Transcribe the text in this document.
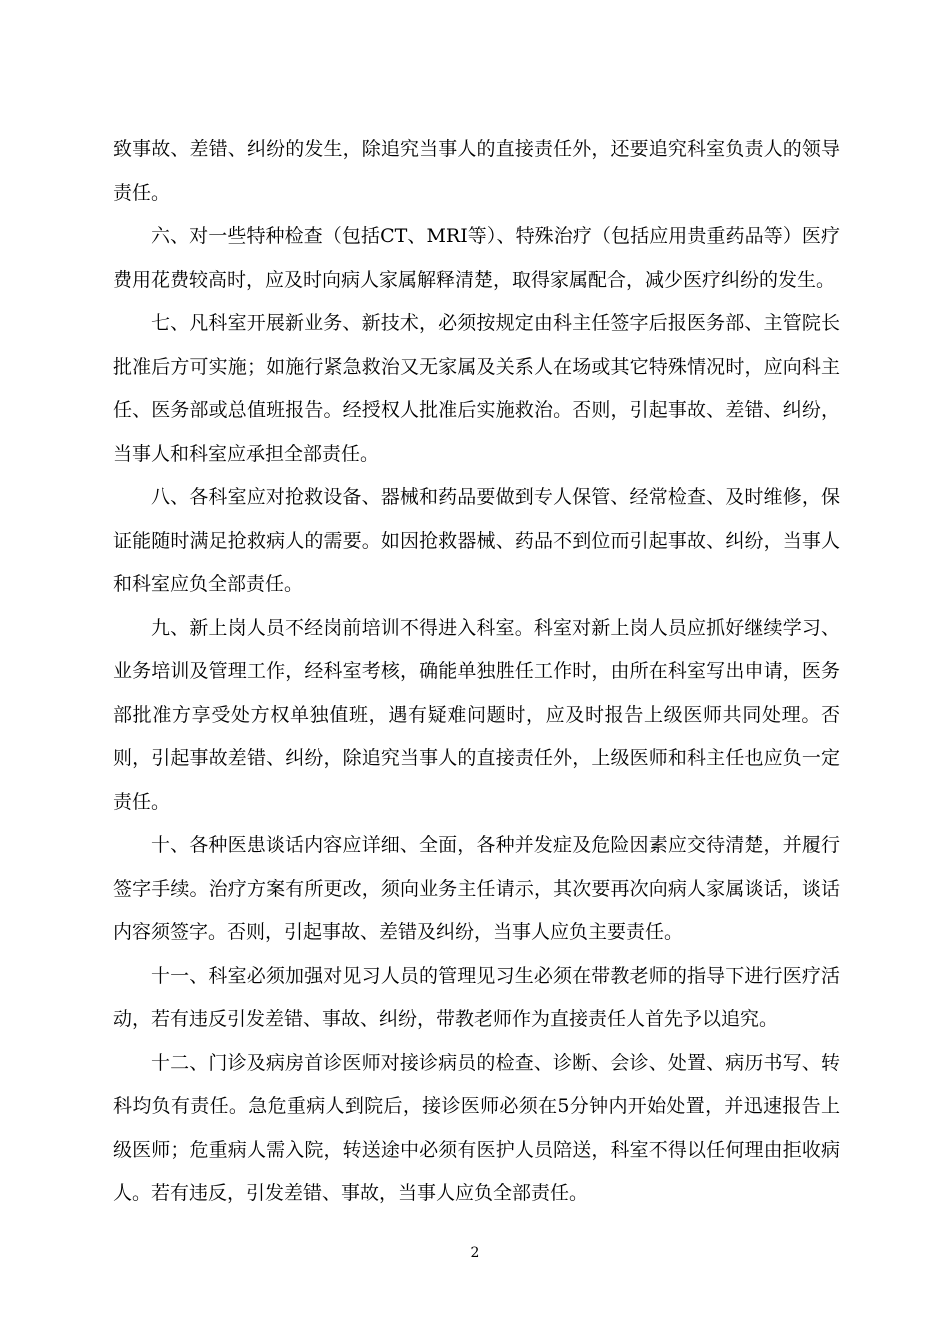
致事故、差错、纠纷的发生，除追究当事人的直接责任外，还要追究科室负责人的领导责任。

六、对一些特种检查（包括CT、MRI等）、特殊治疗（包括应用贵重药品等）医疗费用花费较高时，应及时向病人家属解释清楚，取得家属配合，减少医疗纠纷的发生。

七、凡科室开展新业务、新技术，必须按规定由科主任签字后报医务部、主管院长批准后方可实施；如施行紧急救治又无家属及关系人在场或其它特殊情况时，应向科主任、医务部或总值班报告。经授权人批准后实施救治。否则，引起事故、差错、纠纷，当事人和科室应承担全部责任。

八、各科室应对抢救设备、器械和药品要做到专人保管、经常检查、及时维修，保证能随时满足抢救病人的需要。如因抢救器械、药品不到位而引起事故、纠纷，当事人和科室应负全部责任。

九、新上岗人员不经岗前培训不得进入科室。科室对新上岗人员应抓好继续学习、业务培训及管理工作，经科室考核，确能单独胜任工作时，由所在科室写出申请，医务部批准方享受处方权单独值班，遇有疑难问题时，应及时报告上级医师共同处理。否则，引起事故差错、纠纷，除追究当事人的直接责任外，上级医师和科主任也应负一定责任。

十、各种医患谈话内容应详细、全面，各种并发症及危险因素应交待清楚，并履行签字手续。治疗方案有所更改，须向业务主任请示，其次要再次向病人家属谈话，谈话内容须签字。否则，引起事故、差错及纠纷，当事人应负主要责任。

十一、科室必须加强对见习人员的管理见习生必须在带教老师的指导下进行医疗活动，若有违反引发差错、事故、纠纷，带教老师作为直接责任人首先予以追究。

十二、门诊及病房首诊医师对接诊病员的检查、诊断、会诊、处置、病历书写、转科均负有责任。急危重病人到院后，接诊医师必须在5分钟内开始处置，并迅速报告上级医师；危重病人需入院，转送途中必须有医护人员陪送，科室不得以任何理由拒收病人。若有违反，引发差错、事故，当事人应负全部责任。

2
